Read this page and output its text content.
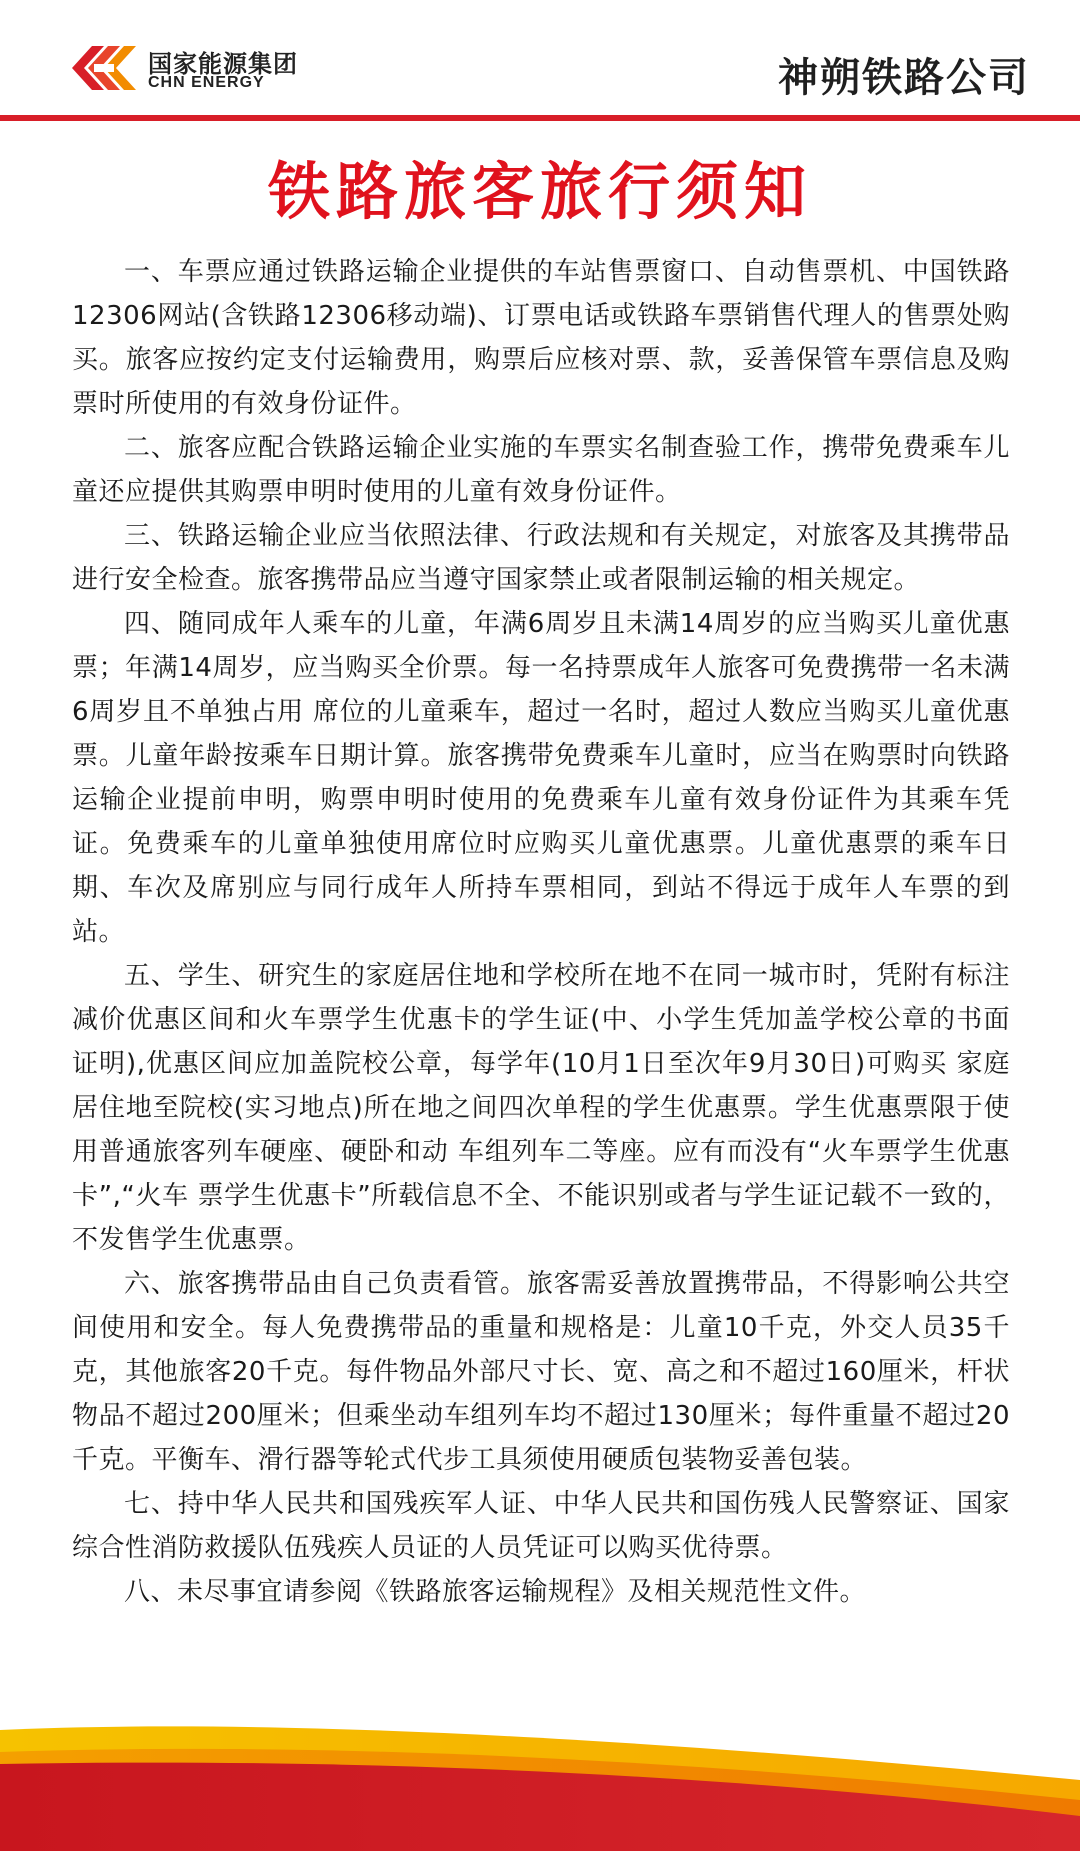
国家能源集团
CHN ENERGY	神朔铁路公司
铁路旅客旅行须知

一、车票应通过铁路运输企业提供的车站售票窗口、自动售票机、中国铁路12306网站(含铁路12306移动端)、订票电话或铁路车票销售代理人的售票处购买。旅客应按约定支付运输费用，购票后应核对票、款，妥善保管车票信息及购票时所使用的有效身份证件。

二、旅客应配合铁路运输企业实施的车票实名制查验工作，携带免费乘车儿童还应提供其购票申明时使用的儿童有效身份证件。

三、铁路运输企业应当依照法律、行政法规和有关规定，对旅客及其携带品进行安全检查。旅客携带品应当遵守国家禁止或者限制运输的相关规定。

四、随同成年人乘车的儿童，年满6周岁且未满14周岁的应当购买儿童优惠票；年满14周岁，应当购买全价票。每一名持票成年人旅客可免费携带一名未满6周岁且不单独占用 席位的儿童乘车，超过一名时，超过人数应当购买儿童优惠票。儿童年龄按乘车日期计算。旅客携带免费乘车儿童时，应当在购票时向铁路运输企业提前申明，购票申明时使用的免费乘车儿童有效身份证件为其乘车凭证。免费乘车的儿童单独使用席位时应购买儿童优惠票。儿童优惠票的乘车日期、车次及席别应与同行成年人所持车票相同，到站不得远于成年人车票的到站。

五、学生、研究生的家庭居住地和学校所在地不在同一城市时，凭附有标注减价优惠区间和火车票学生优惠卡的学生证(中、小学生凭加盖学校公章的书面证明),优惠区间应加盖院校公章，每学年(10月1日至次年9月30日)可购买 家庭居住地至院校(实习地点)所在地之间四次单程的学生优惠票。学生优惠票限于使用普通旅客列车硬座、硬卧和动 车组列车二等座。应有而没有“火车票学生优惠卡”,“火车 票学生优惠卡”所载信息不全、不能识别或者与学生证记载不一致的，不发售学生优惠票。

六、旅客携带品由自己负责看管。旅客需妥善放置携带品，不得影响公共空间使用和安全。每人免费携带品的重量和规格是：儿童10千克，外交人员35千克，其他旅客20千克。每件物品外部尺寸长、宽、高之和不超过160厘米，杆状物品不超过200厘米；但乘坐动车组列车均不超过130厘米；每件重量不超过20千克。平衡车、滑行器等轮式代步工具须使用硬质包装物妥善包装。

七、持中华人民共和国残疾军人证、中华人民共和国伤残人民警察证、国家综合性消防救援队伍残疾人员证的人员凭证可以购买优待票。

八、未尽事宜请参阅《铁路旅客运输规程》及相关规范性文件。
